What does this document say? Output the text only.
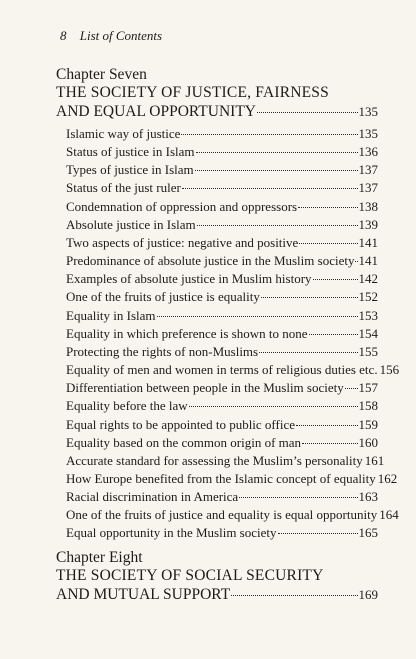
8 List of Contents
Chapter Seven
THE SOCIETY OF JUSTICE, FAIRNESS
AND EQUAL OPPORTUNITY	135
Islamic way of justice	135
Status of justice in Islam	136
Types of justice in Islam	137
Status of the just ruler	137
Condemnation of oppression and oppressors	138
Absolute justice in Islam	139
Two aspects of justice: negative and positive	141
Predominance of absolute justice in the Muslim society 141
Examples of absolute justice in Muslim history	142
One of the fruits of justice is equality	152
Equality in Islam	153
Equality in which preference is shown to none	154
Protecting the rights of non-Muslims	155
Equality of men and women in terms of religious duties etc. 156
Differentiation between people in the Muslim society 157
Equality before the law	158
Equal rights to be appointed to public office	159
Equality based on the common origin of man	160
Accurate standard for assessing the Muslim’s personality 161
How Europe benefited from the Islamic concept of equality 162
Racial discrimination in America	163
One of the fruits of justice and equality is equal opportunity 164
Equal opportunity in the Muslim society	165
Chapter Eight
THE SOCIETY OF SOCIAL SECURITY
AND MUTUAL SUPPORT	169
